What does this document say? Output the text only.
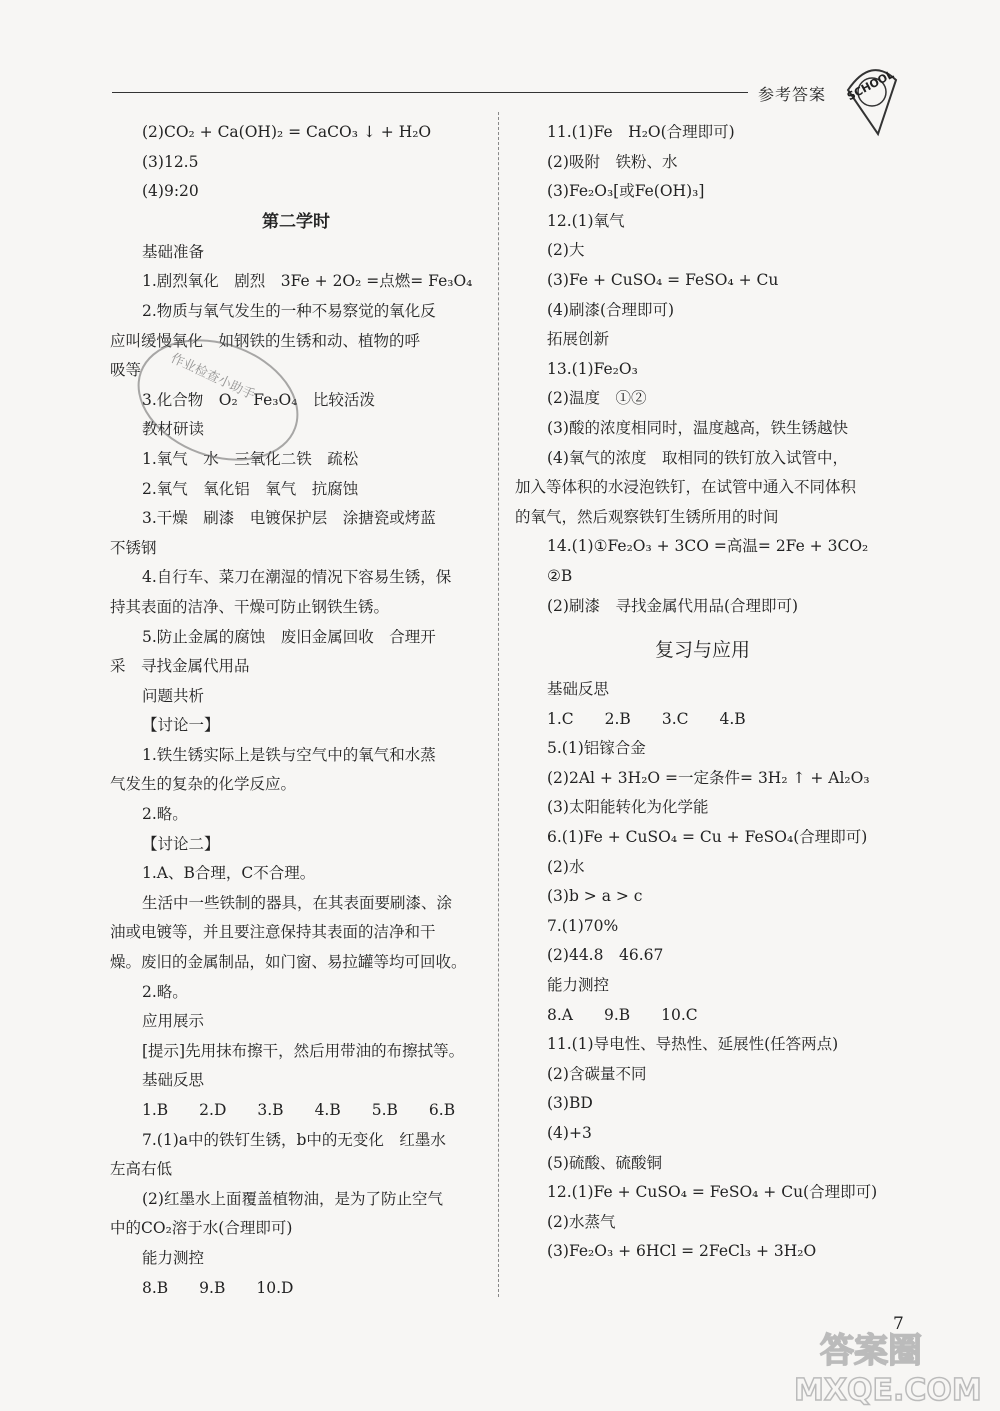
参考答案 SCHOOL
(2)CO₂ + Ca(OH)₂ = CaCO₃ ↓ + H₂O
(3)12.5
(4)9:20
第二学时
基础准备
1.剧烈氧化　剧烈　3Fe + 2O₂ =点燃= Fe₃O₄
2.物质与氧气发生的一种不易察觉的氧化反
应叫缓慢氧化　如钢铁的生锈和动、植物的呼
吸等
3.化合物　O₂　Fe₃O₄　比较活泼
教材研读
1.氧气　水　三氧化二铁　疏松
2.氧气　氧化铝　氧气　抗腐蚀
3.干燥　刷漆　电镀保护层　涂搪瓷或烤蓝
不锈钢
4.自行车、菜刀在潮湿的情况下容易生锈，保
持其表面的洁净、干燥可防止钢铁生锈。
5.防止金属的腐蚀　废旧金属回收　合理开
采　寻找金属代用品
问题共析
【讨论一】
1.铁生锈实际上是铁与空气中的氧气和水蒸
气发生的复杂的化学反应。
2.略。
【讨论二】
1.A、B合理，C不合理。
生活中一些铁制的器具，在其表面要刷漆、涂
油或电镀等，并且要注意保持其表面的洁净和干
燥。废旧的金属制品，如门窗、易拉罐等均可回收。
2.略。
应用展示
[提示]先用抹布擦干，然后用带油的布擦拭等。
基础反思
1.B　　2.D　　3.B　　4.B　　5.B　　6.B
7.(1)a中的铁钉生锈，b中的无变化　红墨水
左高右低
(2)红墨水上面覆盖植物油，是为了防止空气
中的CO₂溶于水(合理即可)
能力测控
8.B　　9.B　　10.D
11.(1)Fe　H₂O(合理即可)
(2)吸附　铁粉、水
(3)Fe₂O₃[或Fe(OH)₃]
12.(1)氧气
(2)大
(3)Fe + CuSO₄ = FeSO₄ + Cu
(4)刷漆(合理即可)
拓展创新
13.(1)Fe₂O₃
(2)温度　①②
(3)酸的浓度相同时，温度越高，铁生锈越快
(4)氧气的浓度　取相同的铁钉放入试管中，
加入等体积的水浸泡铁钉，在试管中通入不同体积
的氧气，然后观察铁钉生锈所用的时间
14.(1)①Fe₂O₃ + 3CO =高温= 2Fe + 3CO₂
②B
(2)刷漆　寻找金属代用品(合理即可)
复习与应用
基础反思
1.C　　2.B　　3.C　　4.B
5.(1)铝镓合金
(2)2Al + 3H₂O =一定条件= 3H₂ ↑ + Al₂O₃
(3)太阳能转化为化学能
6.(1)Fe + CuSO₄ = Cu + FeSO₄(合理即可)
(2)水
(3)b > a > c
7.(1)70%
(2)44.8　46.67
能力测控
8.A　　9.B　　10.C
11.(1)导电性、导热性、延展性(任答两点)
(2)含碳量不同
(3)BD
(4)+3
(5)硫酸、硫酸铜
12.(1)Fe + CuSO₄ = FeSO₄ + Cu(合理即可)
(2)水蒸气
(3)Fe₂O₃ + 6HCl = 2FeCl₃ + 3H₂O
作业检查小助手
7
答案圈
MXQE.COM
